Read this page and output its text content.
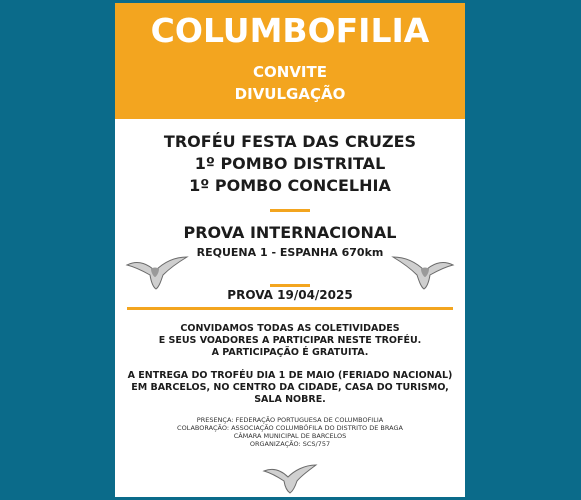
COLUMBOFILIA
CONVITE
DIVULGAÇÃO
TROFÉU FESTA DAS CRUZES
1º POMBO DISTRITAL
1º POMBO CONCELHIA
PROVA INTERNACIONAL
REQUENA 1 - ESPANHA 670km
PROVA 19/04/2025
CONVIDAMOS TODAS AS COLETIVIDADES
E SEUS VOADORES A PARTICIPAR NESTE TROFÉU.
A PARTICIPAÇÃO É GRATUITA.
A ENTREGA DO TROFÉU DIA 1 DE MAIO (FERIADO NACIONAL)
EM BARCELOS, NO CENTRO DA CIDADE, CASA DO TURISMO,
SALA NOBRE.
PRESENÇA: FEDERAÇÃO PORTUGUESA DE COLUMBOFILIA
COLABORAÇÃO: ASSOCIAÇÃO COLUMBÓFILA DO DISTRITO DE BRAGA
CÂMARA MUNICIPAL DE BARCELOS
ORGANIZAÇÃO: SCS/757
